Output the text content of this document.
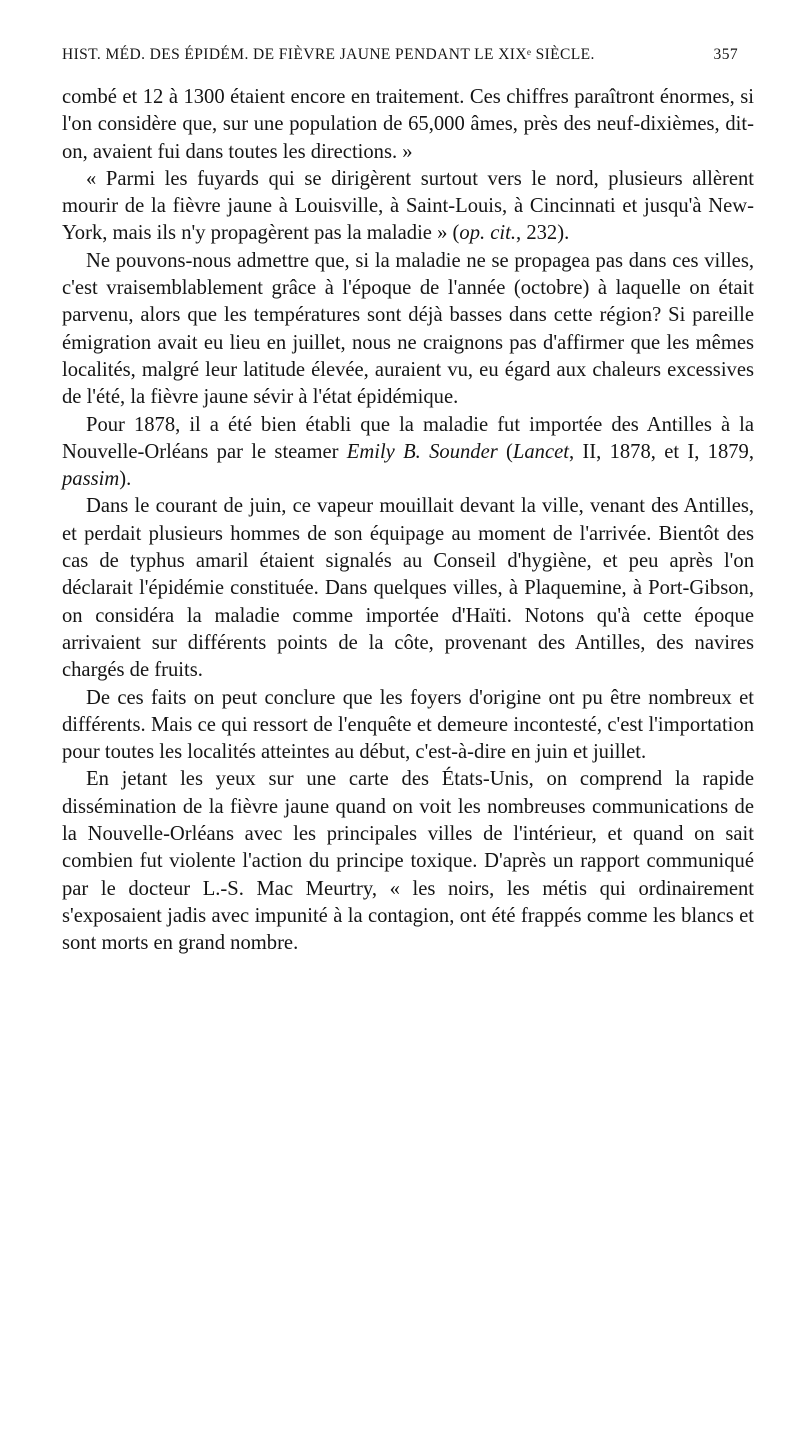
HIST. MÉD. DES ÉPIDÉM. DE FIÈVRE JAUNE PENDANT LE XIXᵉ SIÈCLE.	357

combé et 12 à 1300 étaient encore en traitement. Ces chiffres paraîtront énormes, si l'on considère que, sur une population de 65,000 âmes, près des neuf-dixièmes, dit-on, avaient fui dans toutes les directions. »

« Parmi les fuyards qui se dirigèrent surtout vers le nord, plusieurs allèrent mourir de la fièvre jaune à Louisville, à Saint-Louis, à Cincinnati et jusqu'à New-York, mais ils n'y propagèrent pas la maladie » (op. cit., 232).

Ne pouvons-nous admettre que, si la maladie ne se propagea pas dans ces villes, c'est vraisemblablement grâce à l'époque de l'année (octobre) à laquelle on était parvenu, alors que les températures sont déjà basses dans cette région? Si pareille émigration avait eu lieu en juillet, nous ne craignons pas d'affirmer que les mêmes localités, malgré leur latitude élevée, auraient vu, eu égard aux chaleurs excessives de l'été, la fièvre jaune sévir à l'état épidémique.

Pour 1878, il a été bien établi que la maladie fut importée des Antilles à la Nouvelle-Orléans par le steamer Emily B. Sounder (Lancet, II, 1878, et I, 1879, passim).

Dans le courant de juin, ce vapeur mouillait devant la ville, venant des Antilles, et perdait plusieurs hommes de son équipage au moment de l'arrivée. Bientôt des cas de typhus amaril étaient signalés au Conseil d'hygiène, et peu après l'on déclarait l'épidémie constituée. Dans quelques villes, à Plaquemine, à Port-Gibson, on considéra la maladie comme importée d'Haïti. Notons qu'à cette époque arrivaient sur différents points de la côte, provenant des Antilles, des navires chargés de fruits.

De ces faits on peut conclure que les foyers d'origine ont pu être nombreux et différents. Mais ce qui ressort de l'enquête et demeure incontesté, c'est l'importation pour toutes les localités atteintes au début, c'est-à-dire en juin et juillet.

En jetant les yeux sur une carte des États-Unis, on comprend la rapide dissémination de la fièvre jaune quand on voit les nombreuses communications de la Nouvelle-Orléans avec les principales villes de l'intérieur, et quand on sait combien fut violente l'action du principe toxique. D'après un rapport communiqué par le docteur L.-S. Mac Meurtry, « les noirs, les métis qui ordinairement s'exposaient jadis avec impunité à la contagion, ont été frappés comme les blancs et sont morts en grand nombre.
